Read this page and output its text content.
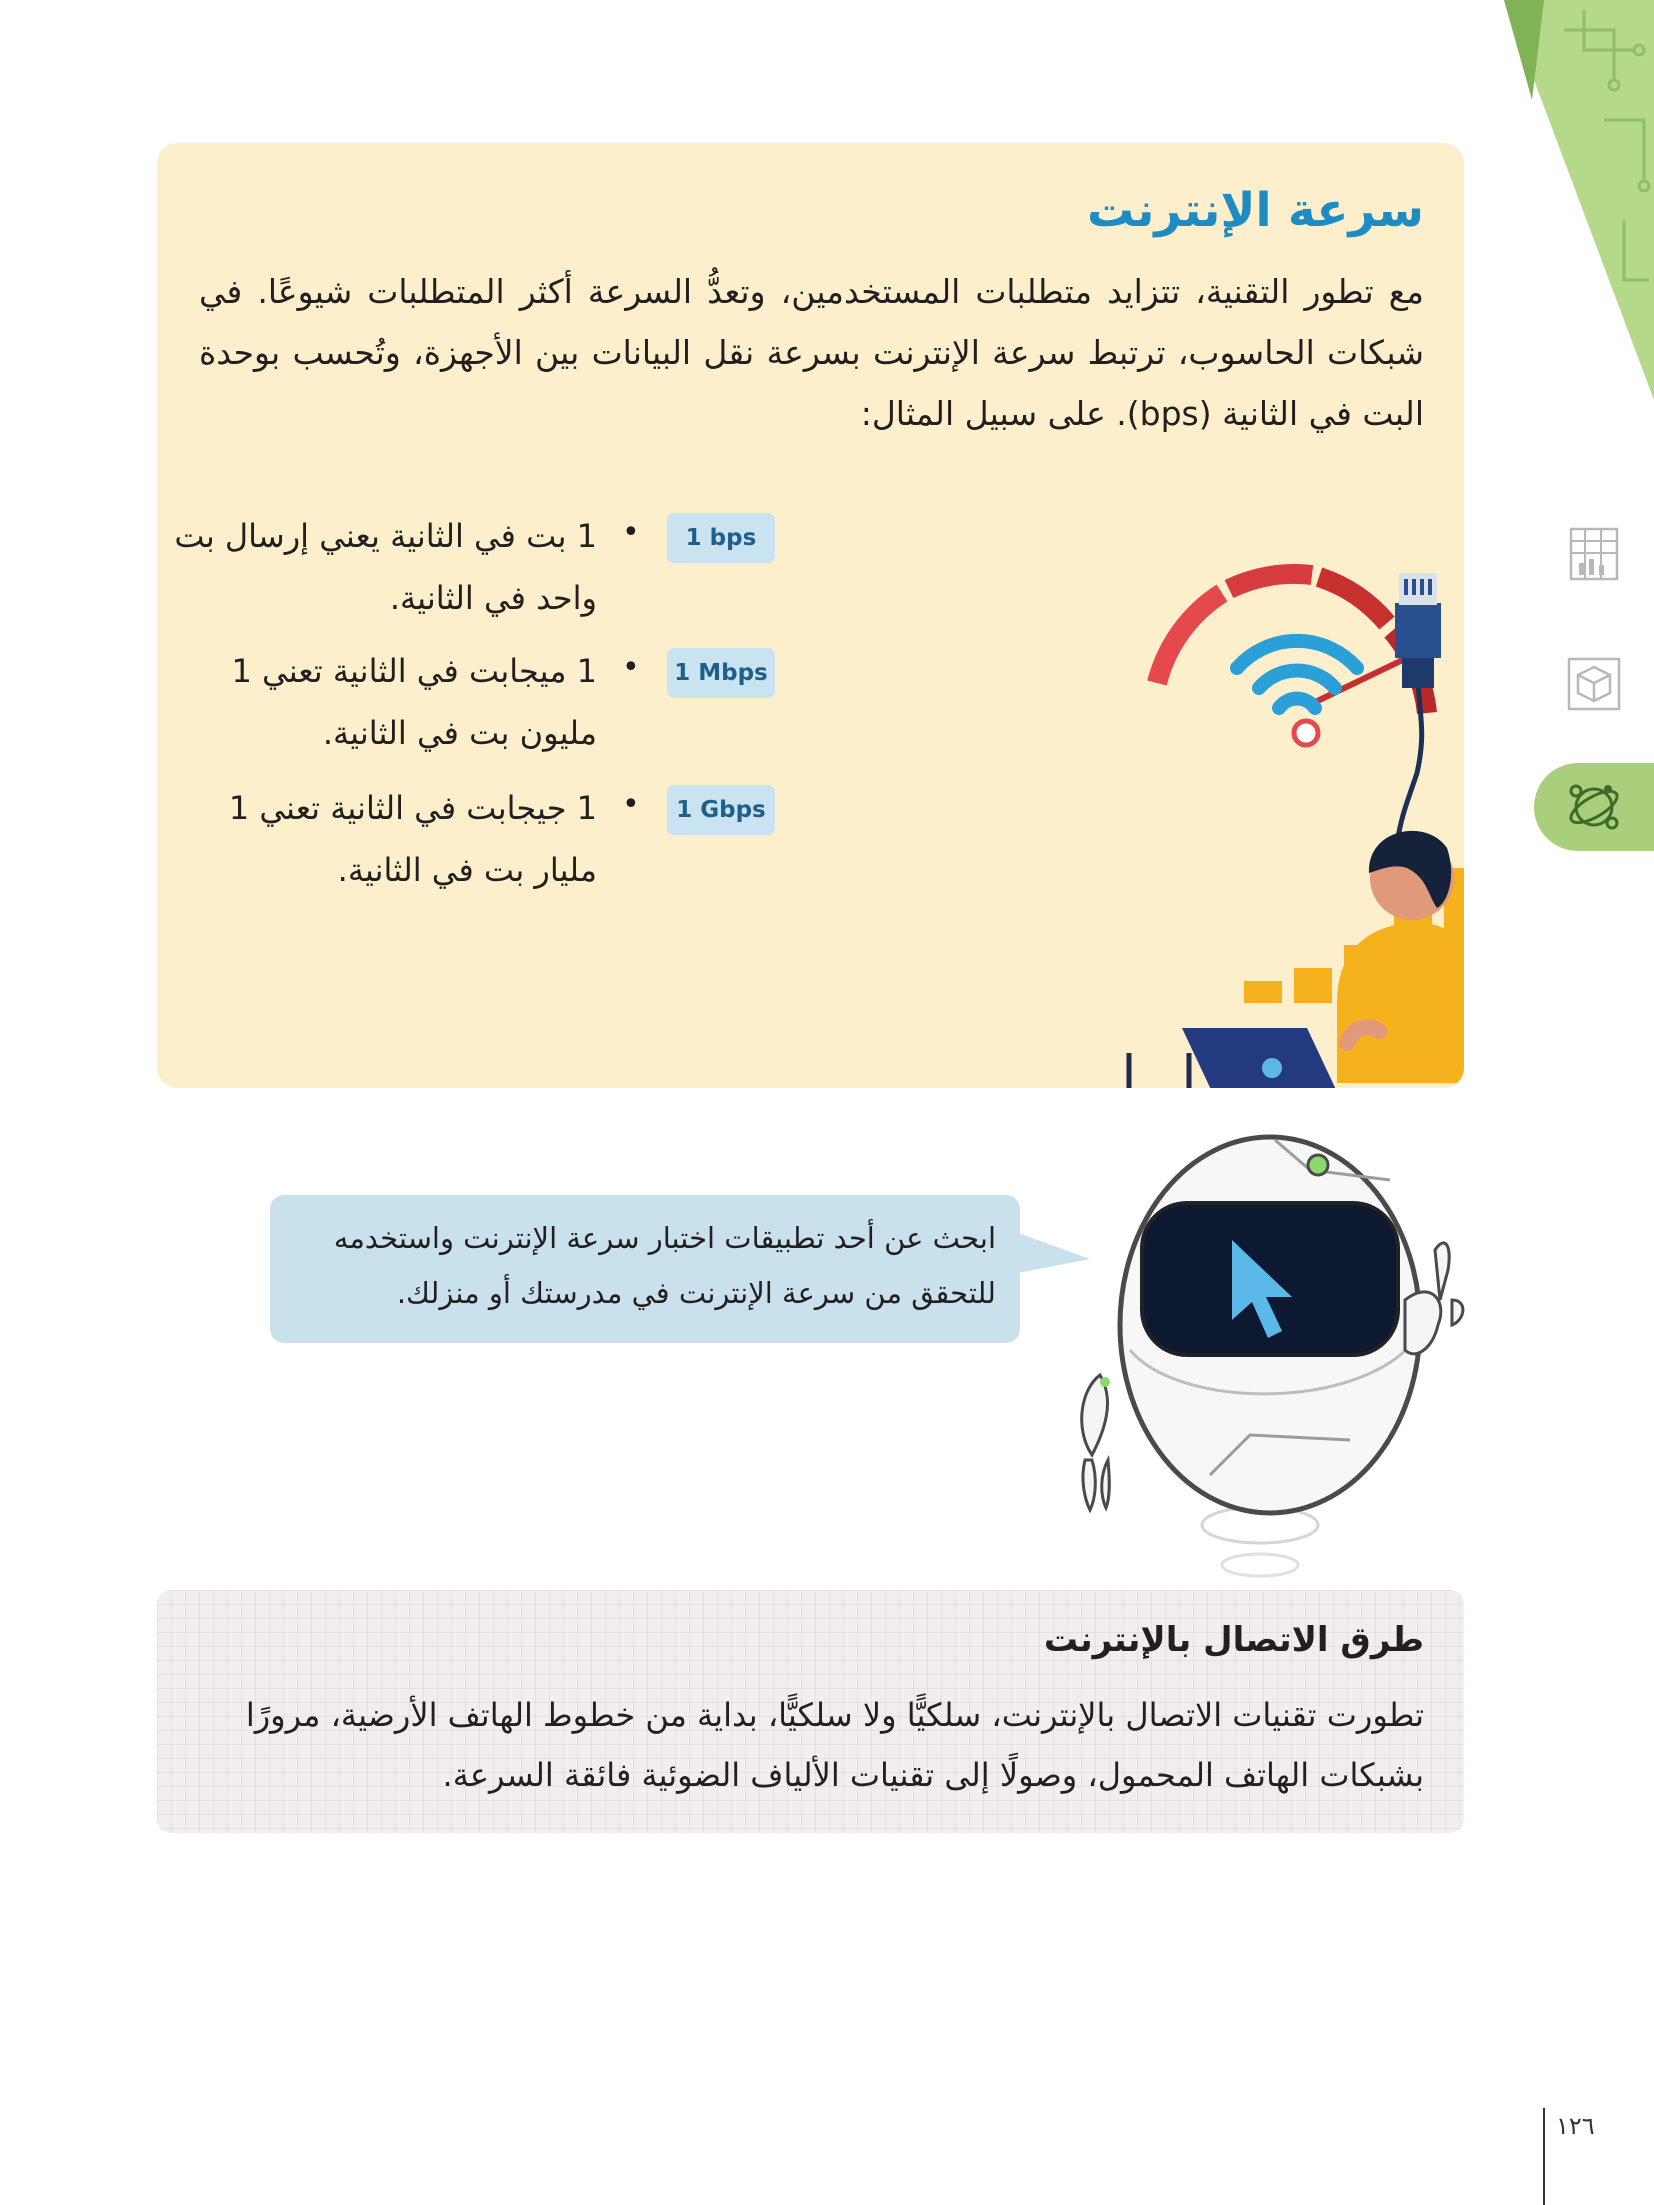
سرعة الإنترنت

مع تطور التقنية، تتزايد متطلبات المستخدمين، وتعدُّ السرعة أكثر المتطلبات شيوعًا. في شبكات الحاسوب، ترتبط سرعة الإنترنت بسرعة نقل البيانات بين الأجهزة، وتُحسب بوحدة البت في الثانية (bps). على سبيل المثال:

1 bps
•

1 بت في الثانية يعني إرسال بت واحد في الثانية.

1 Mbps
•

1 ميجابت في الثانية تعني 1 مليون بت في الثانية.

1 Gbps
•

1 جيجابت في الثانية تعني 1 مليار بت في الثانية.

ابحث عن أحد تطبيقات اختبار سرعة الإنترنت واستخدمه للتحقق من سرعة الإنترنت في مدرستك أو منزلك.

طرق الاتصال بالإنترنت

تطورت تقنيات الاتصال بالإنترنت، سلكيًّا ولا سلكيًّا، بداية من خطوط الهاتف الأرضية، مرورًا بشبكات الهاتف المحمول، وصولًا إلى تقنيات الألياف الضوئية فائقة السرعة.

١٢٦
